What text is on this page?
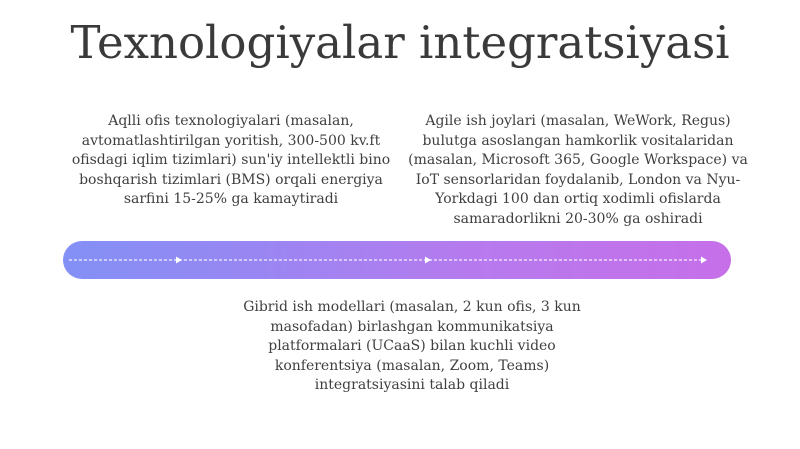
Texnologiyalar integratsiyasi
Aqlli ofis texnologiyalari (masalan, avtomatlashtirilgan yoritish, 300-500 kv.ft ofisdagi iqlim tizimlari) sun'iy intellektli bino boshqarish tizimlari (BMS) orqali energiya sarfini 15-25% ga kamaytiradi
Agile ish joylari (masalan, WeWork, Regus) bulutga asoslangan hamkorlik vositalaridan (masalan, Microsoft 365, Google Workspace) va IoT sensorlaridan foydalanib, London va Nyu-Yorkdagi 100 dan ortiq xodimli ofislarda samaradorlikni 20-30% ga oshiradi
Gibrid ish modellari (masalan, 2 kun ofis, 3 kun masofadan) birlashgan kommunikatsiya platformalari (UCaaS) bilan kuchli video konferentsiya (masalan, Zoom, Teams) integratsiyasini talab qiladi
